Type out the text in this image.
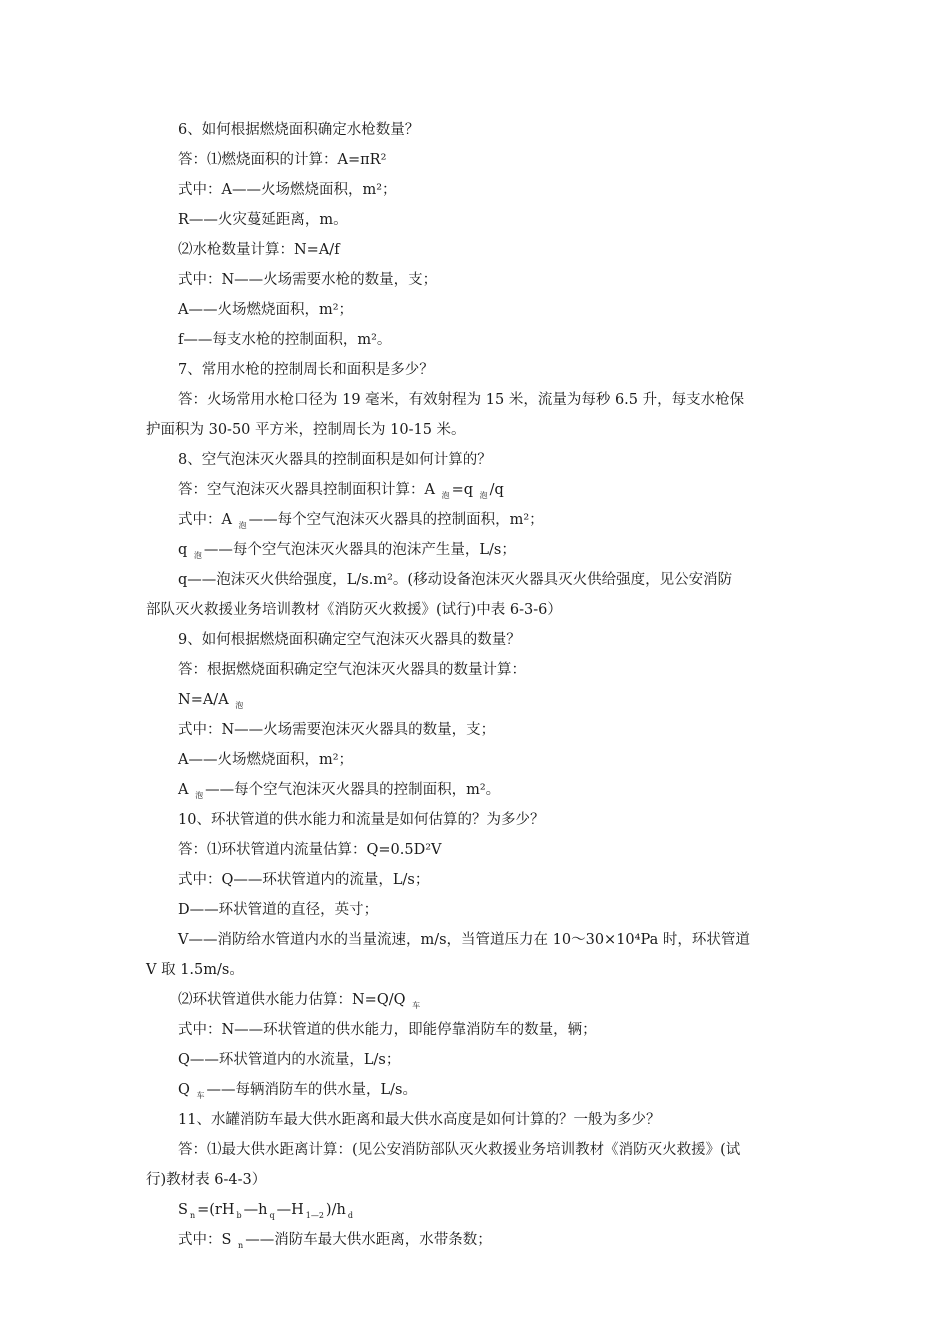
6、如何根据燃烧面积确定水枪数量？
答：⑴燃烧面积的计算：A=πR²
式中：A——火场燃烧面积，m²；
R——火灾蔓延距离，m。
⑵水枪数量计算：N=A/f
式中：N——火场需要水枪的数量，支；
A——火场燃烧面积，m²；
f——每支水枪的控制面积，m²。
7、常用水枪的控制周长和面积是多少？
答：火场常用水枪口径为 19 毫米，有效射程为 15 米，流量为每秒 6.5 升，每支水枪保
护面积为 30-50 平方米，控制周长为 10-15 米。
8、空气泡沫灭火器具的控制面积是如何计算的？
答：空气泡沫灭火器具控制面积计算：A $_泡$ =q $_泡$ /q
式中：A $_泡$ ——每个空气泡沫灭火器具的控制面积，m²；
q $_泡$ ——每个空气泡沫灭火器具的泡沫产生量，L/s；
q——泡沫灭火供给强度，L/s.m²。(移动设备泡沫灭火器具灭火供给强度，见公安消防
部队灭火救援业务培训教材《消防灭火救援》(试行)中表 6-3-6）
9、如何根据燃烧面积确定空气泡沫灭火器具的数量？
答：根据燃烧面积确定空气泡沫灭火器具的数量计算：
N=A/A $_泡$
式中：N——火场需要泡沫灭火器具的数量，支；
A——火场燃烧面积，m²；
A $_泡$ ——每个空气泡沫灭火器具的控制面积，m²。
10、环状管道的供水能力和流量是如何估算的？为多少？
答：⑴环状管道内流量估算：Q=0.5D²V
式中：Q——环状管道内的流量，L/s；
D——环状管道的直径，英寸；
V——消防给水管道内水的当量流速，m/s，当管道压力在 10～30×10⁴Pa 时，环状管道
V 取 1.5m/s。
⑵环状管道供水能力估算：N=Q/Q $_车$
式中：N——环状管道的供水能力，即能停靠消防车的数量，辆；
Q——环状管道内的水流量，L/s；
Q $_车$ ——每辆消防车的供水量，L/s。
11、水罐消防车最大供水距离和最大供水高度是如何计算的？一般为多少？
答：⑴最大供水距离计算：(见公安消防部队灭火救援业务培训教材《消防灭火救援》(试
行)教材表 6-4-3）
S $_n$ =(rH $_b$ —h $_q$ —H $_{1—2}$ )/h $_d$
式中：S $_n$ ——消防车最大供水距离，水带条数；
